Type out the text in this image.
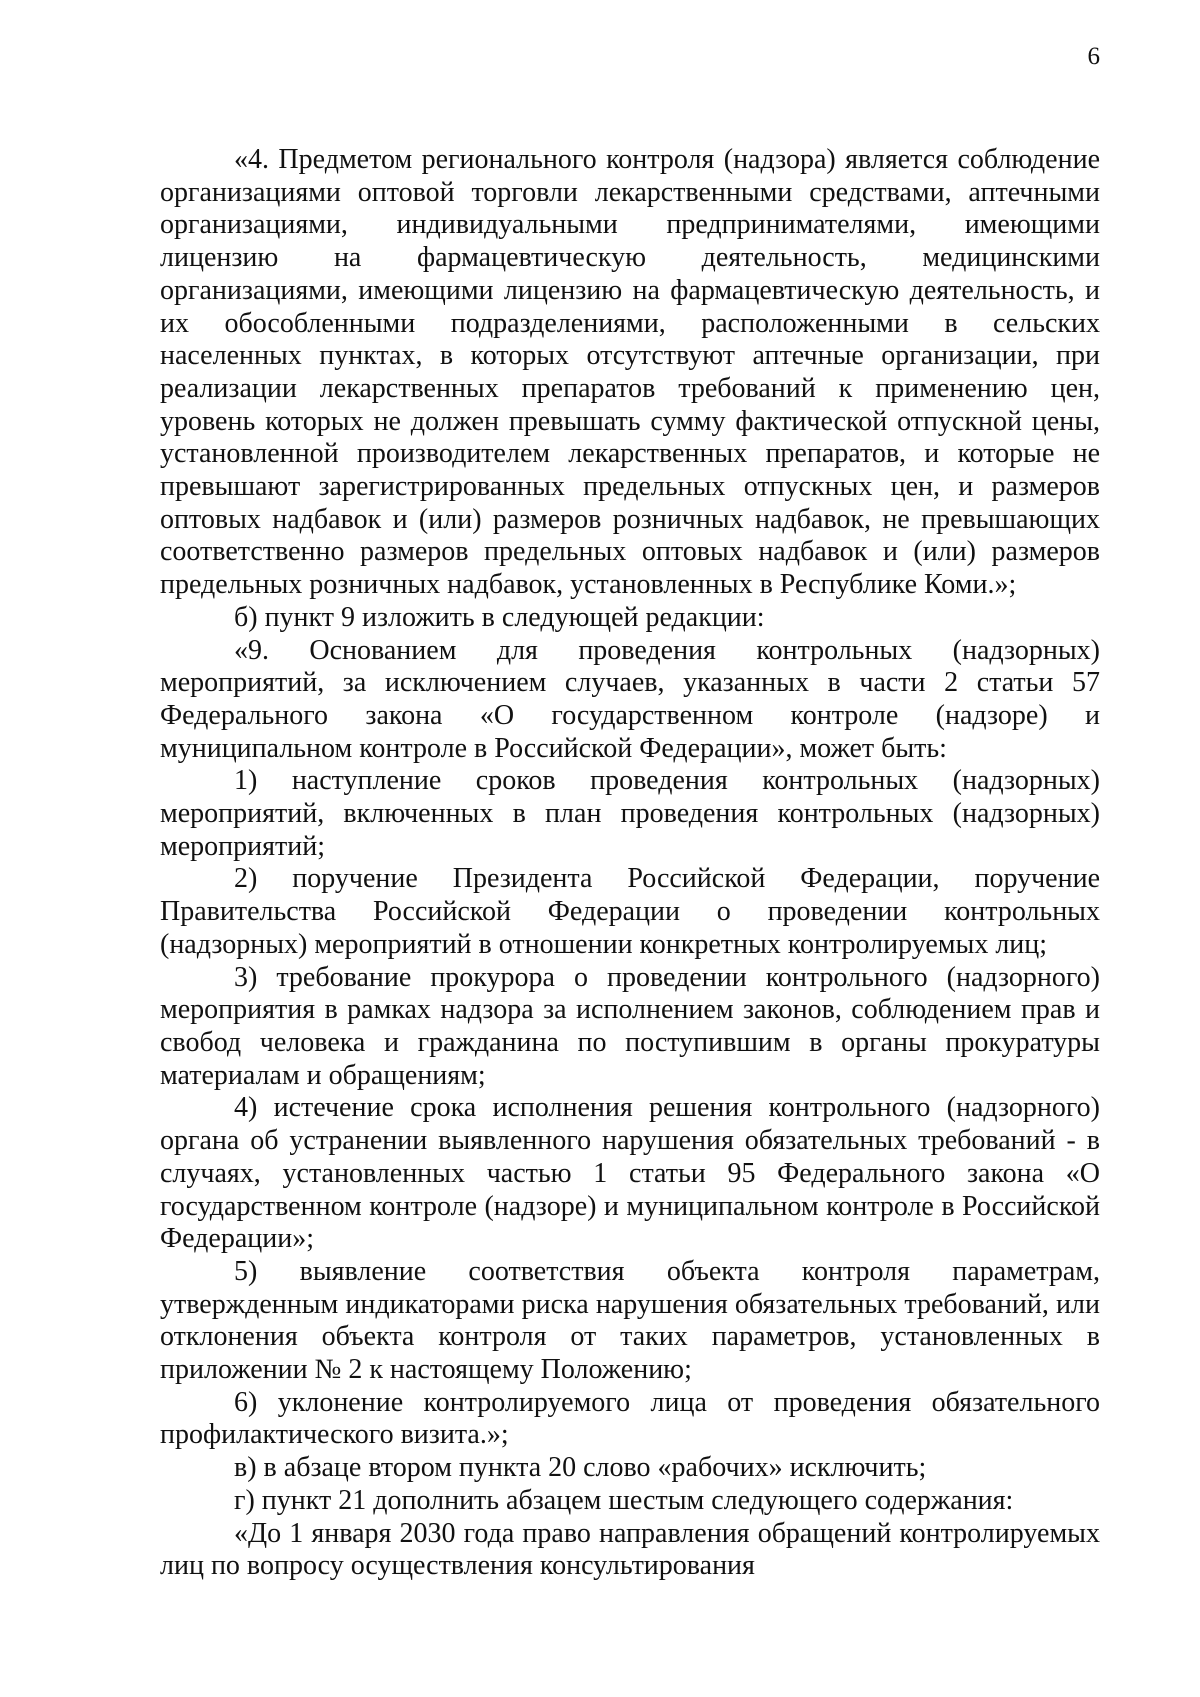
6

«4. Предметом регионального контроля (надзора) является соблюдение организациями оптовой торговли лекарственными средствами, аптечными организациями, индивидуальными предпринимателями, имеющими лицензию на фармацевтическую деятельность, медицинскими организациями, имеющими лицензию на фармацевтическую деятельность, и их обособленными подразделениями, расположенными в сельских населенных пунктах, в которых отсутствуют аптечные организации, при реализации лекарственных препаратов требований к применению цен, уровень которых не должен превышать сумму фактической отпускной цены, установленной производителем лекарственных препаратов, и которые не превышают зарегистрированных предельных отпускных цен, и размеров оптовых надбавок и (или) размеров розничных надбавок, не превышающих соответственно размеров предельных оптовых надбавок и (или) размеров предельных розничных надбавок, установленных в Республике Коми.»;

б) пункт 9 изложить в следующей редакции:

«9. Основанием для проведения контрольных (надзорных) мероприятий, за исключением случаев, указанных в части 2 статьи 57 Федерального закона «О государственном контроле (надзоре) и муниципальном контроле в Российской Федерации», может быть:

1) наступление сроков проведения контрольных (надзорных) мероприятий, включенных в план проведения контрольных (надзорных) мероприятий;

2) поручение Президента Российской Федерации, поручение Правительства Российской Федерации о проведении контрольных (надзорных) мероприятий в отношении конкретных контролируемых лиц;

3) требование прокурора о проведении контрольного (надзорного) мероприятия в рамках надзора за исполнением законов, соблюдением прав и свобод человека и гражданина по поступившим в органы прокуратуры материалам и обращениям;

4) истечение срока исполнения решения контрольного (надзорного) органа об устранении выявленного нарушения обязательных требований - в случаях, установленных частью 1 статьи 95 Федерального закона «О государственном контроле (надзоре) и муниципальном контроле в Российской Федерации»;

5) выявление соответствия объекта контроля параметрам, утвержденным индикаторами риска нарушения обязательных требований, или отклонения объекта контроля от таких параметров, установленных в приложении № 2 к настоящему Положению;

6) уклонение контролируемого лица от проведения обязательного профилактического визита.»;

в) в абзаце втором пункта 20 слово «рабочих» исключить;

г) пункт 21 дополнить абзацем шестым следующего содержания:

«До 1 января 2030 года право направления обращений контролируемых лиц по вопросу осуществления консультирования
